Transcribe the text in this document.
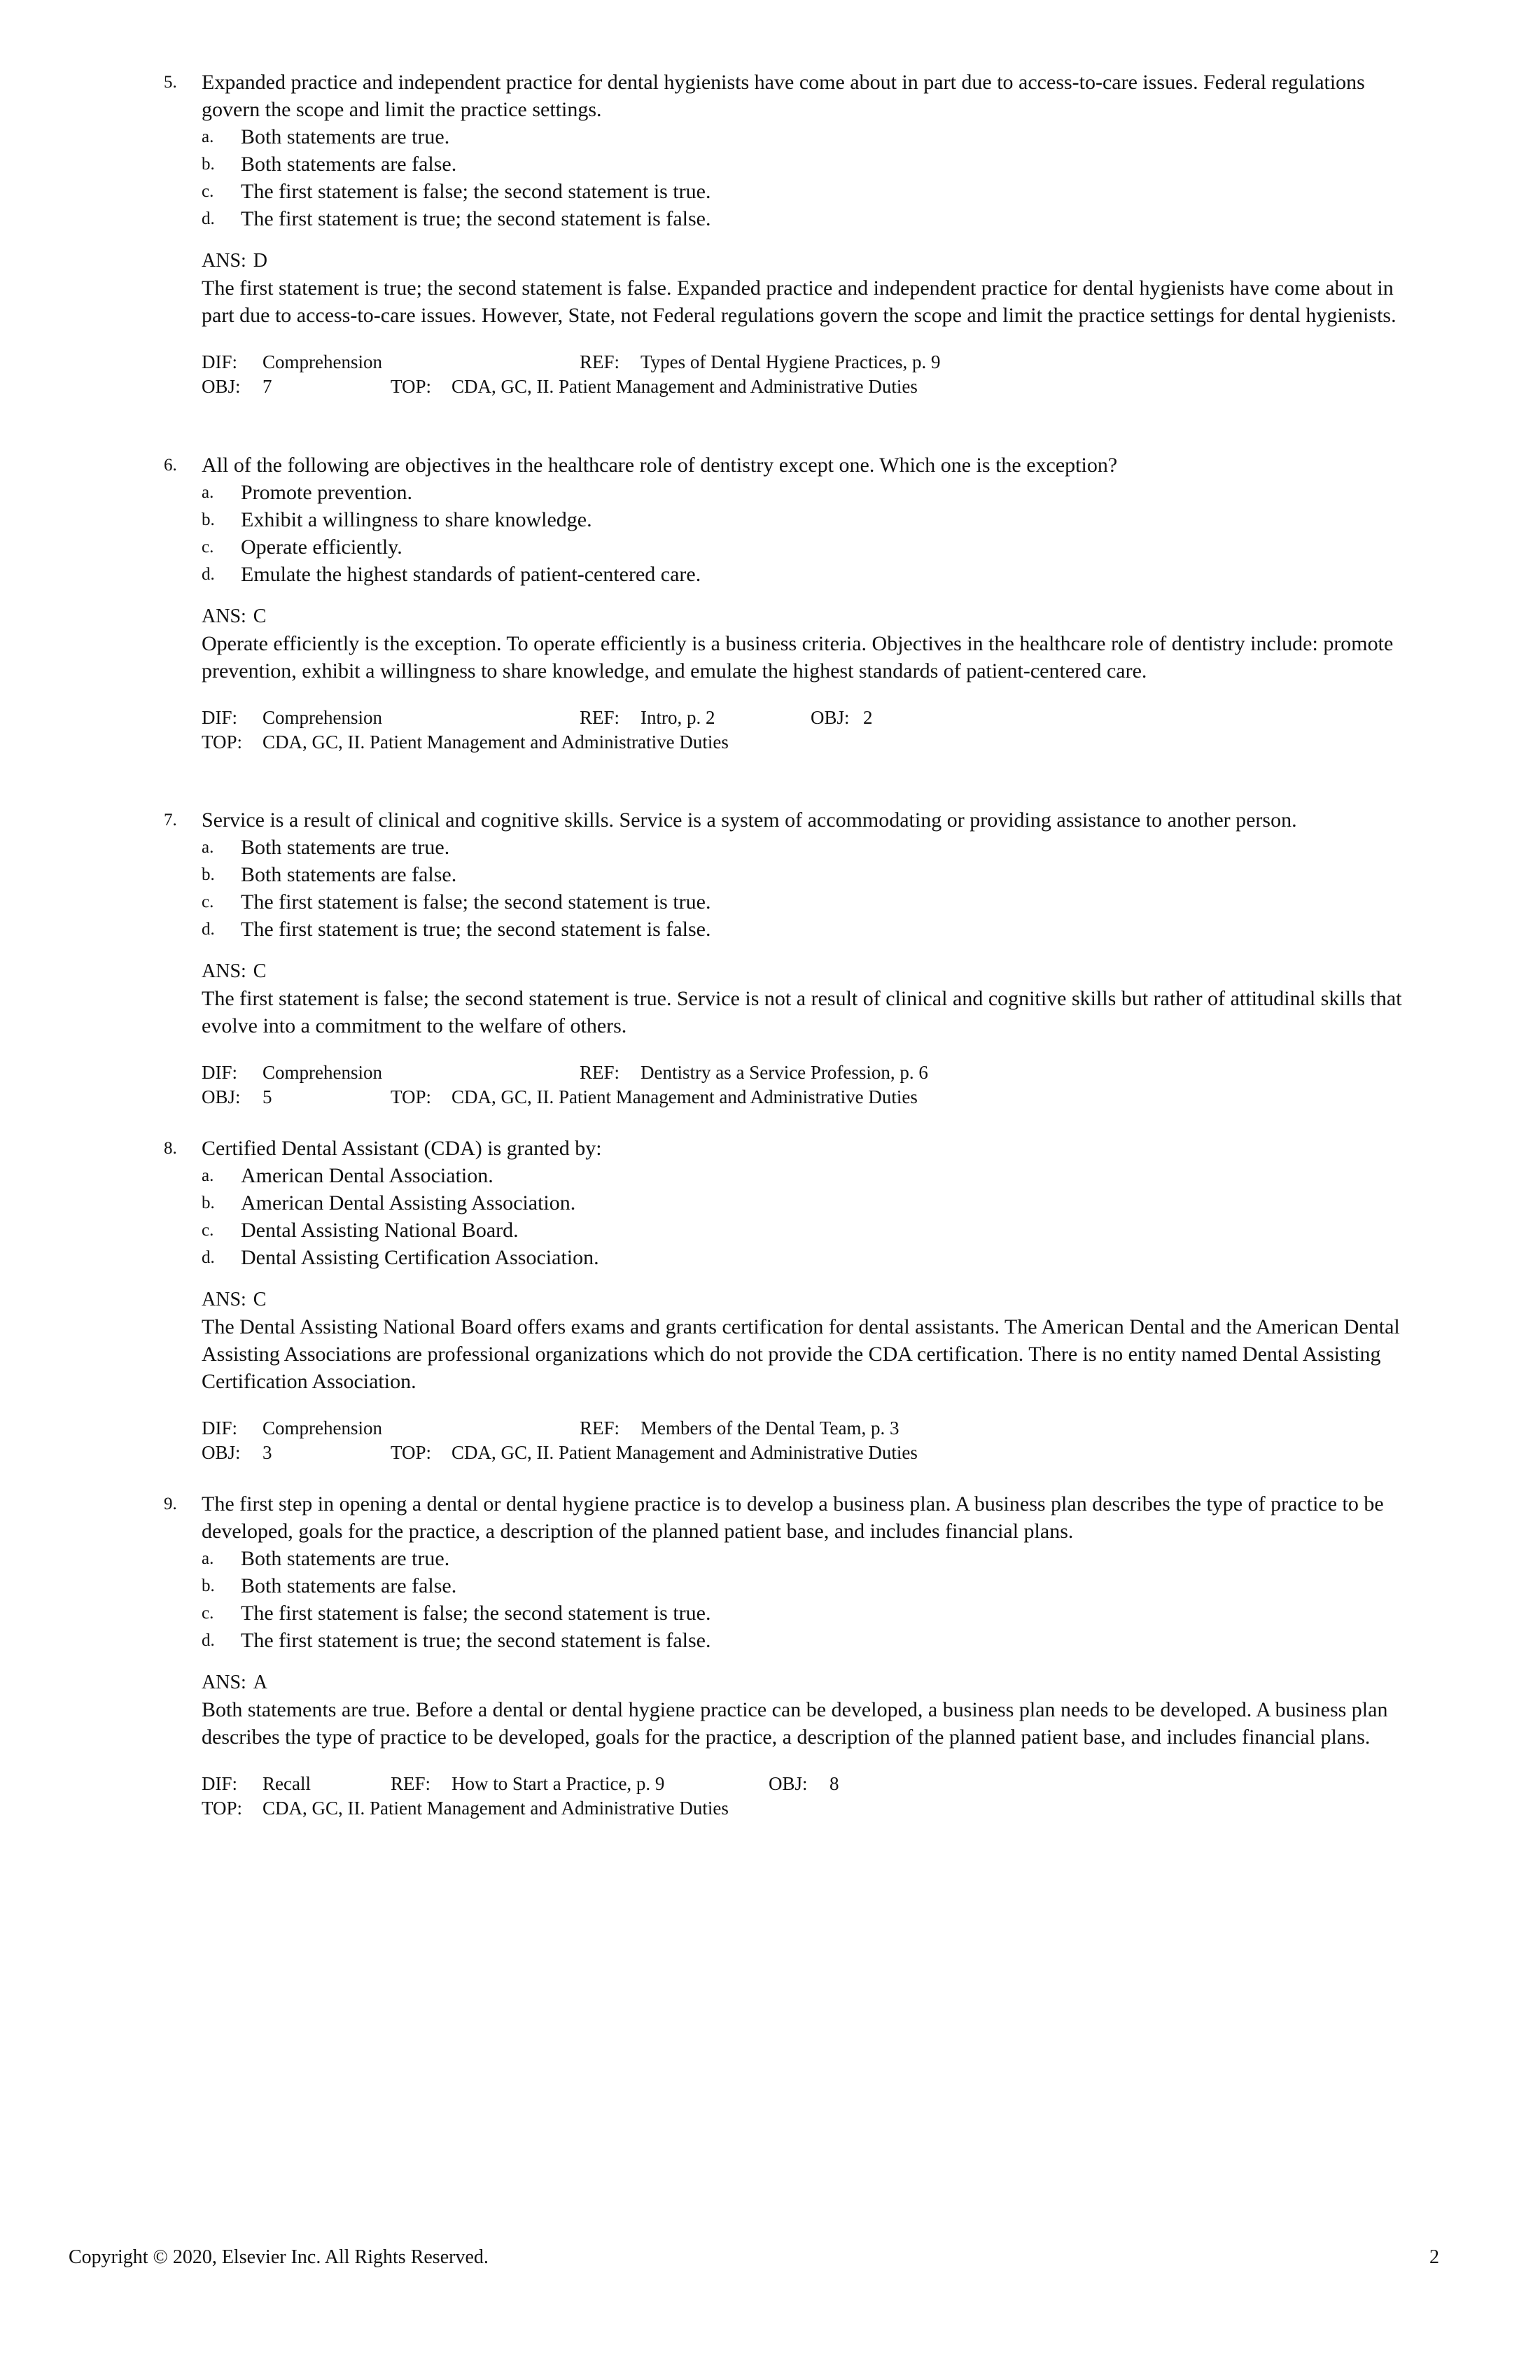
5. Expanded practice and independent practice for dental hygienists have come about in part due to access-to-care issues. Federal regulations govern the scope and limit the practice settings.
a. Both statements are true.
b. Both statements are false.
c. The first statement is false; the second statement is true.
d. The first statement is true; the second statement is false.
ANS: D
The first statement is true; the second statement is false. Expanded practice and independent practice for dental hygienists have come about in part due to access-to-care issues. However, State, not Federal regulations govern the scope and limit the practice settings for dental hygienists.
DIF: Comprehension	REF: Types of Dental Hygiene Practices, p. 9
OBJ: 7	TOP: CDA, GC, II. Patient Management and Administrative Duties
6. All of the following are objectives in the healthcare role of dentistry except one. Which one is the exception?
a. Promote prevention.
b. Exhibit a willingness to share knowledge.
c. Operate efficiently.
d. Emulate the highest standards of patient-centered care.
ANS: C
Operate efficiently is the exception. To operate efficiently is a business criteria. Objectives in the healthcare role of dentistry include: promote prevention, exhibit a willingness to share knowledge, and emulate the highest standards of patient-centered care.
DIF: Comprehension	REF: Intro, p. 2	OBJ: 2
TOP: CDA, GC, II. Patient Management and Administrative Duties
7. Service is a result of clinical and cognitive skills. Service is a system of accommodating or providing assistance to another person.
a. Both statements are true.
b. Both statements are false.
c. The first statement is false; the second statement is true.
d. The first statement is true; the second statement is false.
ANS: C
The first statement is false; the second statement is true. Service is not a result of clinical and cognitive skills but rather of attitudinal skills that evolve into a commitment to the welfare of others.
DIF: Comprehension	REF: Dentistry as a Service Profession, p. 6
OBJ: 5	TOP: CDA, GC, II. Patient Management and Administrative Duties
8. Certified Dental Assistant (CDA) is granted by:
a. American Dental Association.
b. American Dental Assisting Association.
c. Dental Assisting National Board.
d. Dental Assisting Certification Association.
ANS: C
The Dental Assisting National Board offers exams and grants certification for dental assistants. The American Dental and the American Dental Assisting Associations are professional organizations which do not provide the CDA certification. There is no entity named Dental Assisting Certification Association.
DIF: Comprehension	REF: Members of the Dental Team, p. 3
OBJ: 3	TOP: CDA, GC, II. Patient Management and Administrative Duties
9. The first step in opening a dental or dental hygiene practice is to develop a business plan. A business plan describes the type of practice to be developed, goals for the practice, a description of the planned patient base, and includes financial plans.
a. Both statements are true.
b. Both statements are false.
c. The first statement is false; the second statement is true.
d. The first statement is true; the second statement is false.
ANS: A
Both statements are true. Before a dental or dental hygiene practice can be developed, a business plan needs to be developed. A business plan describes the type of practice to be developed, goals for the practice, a description of the planned patient base, and includes financial plans.
DIF: Recall	REF: How to Start a Practice, p. 9	OBJ: 8
TOP: CDA, GC, II. Patient Management and Administrative Duties
Copyright © 2020, Elsevier Inc. All Rights Reserved.	2
